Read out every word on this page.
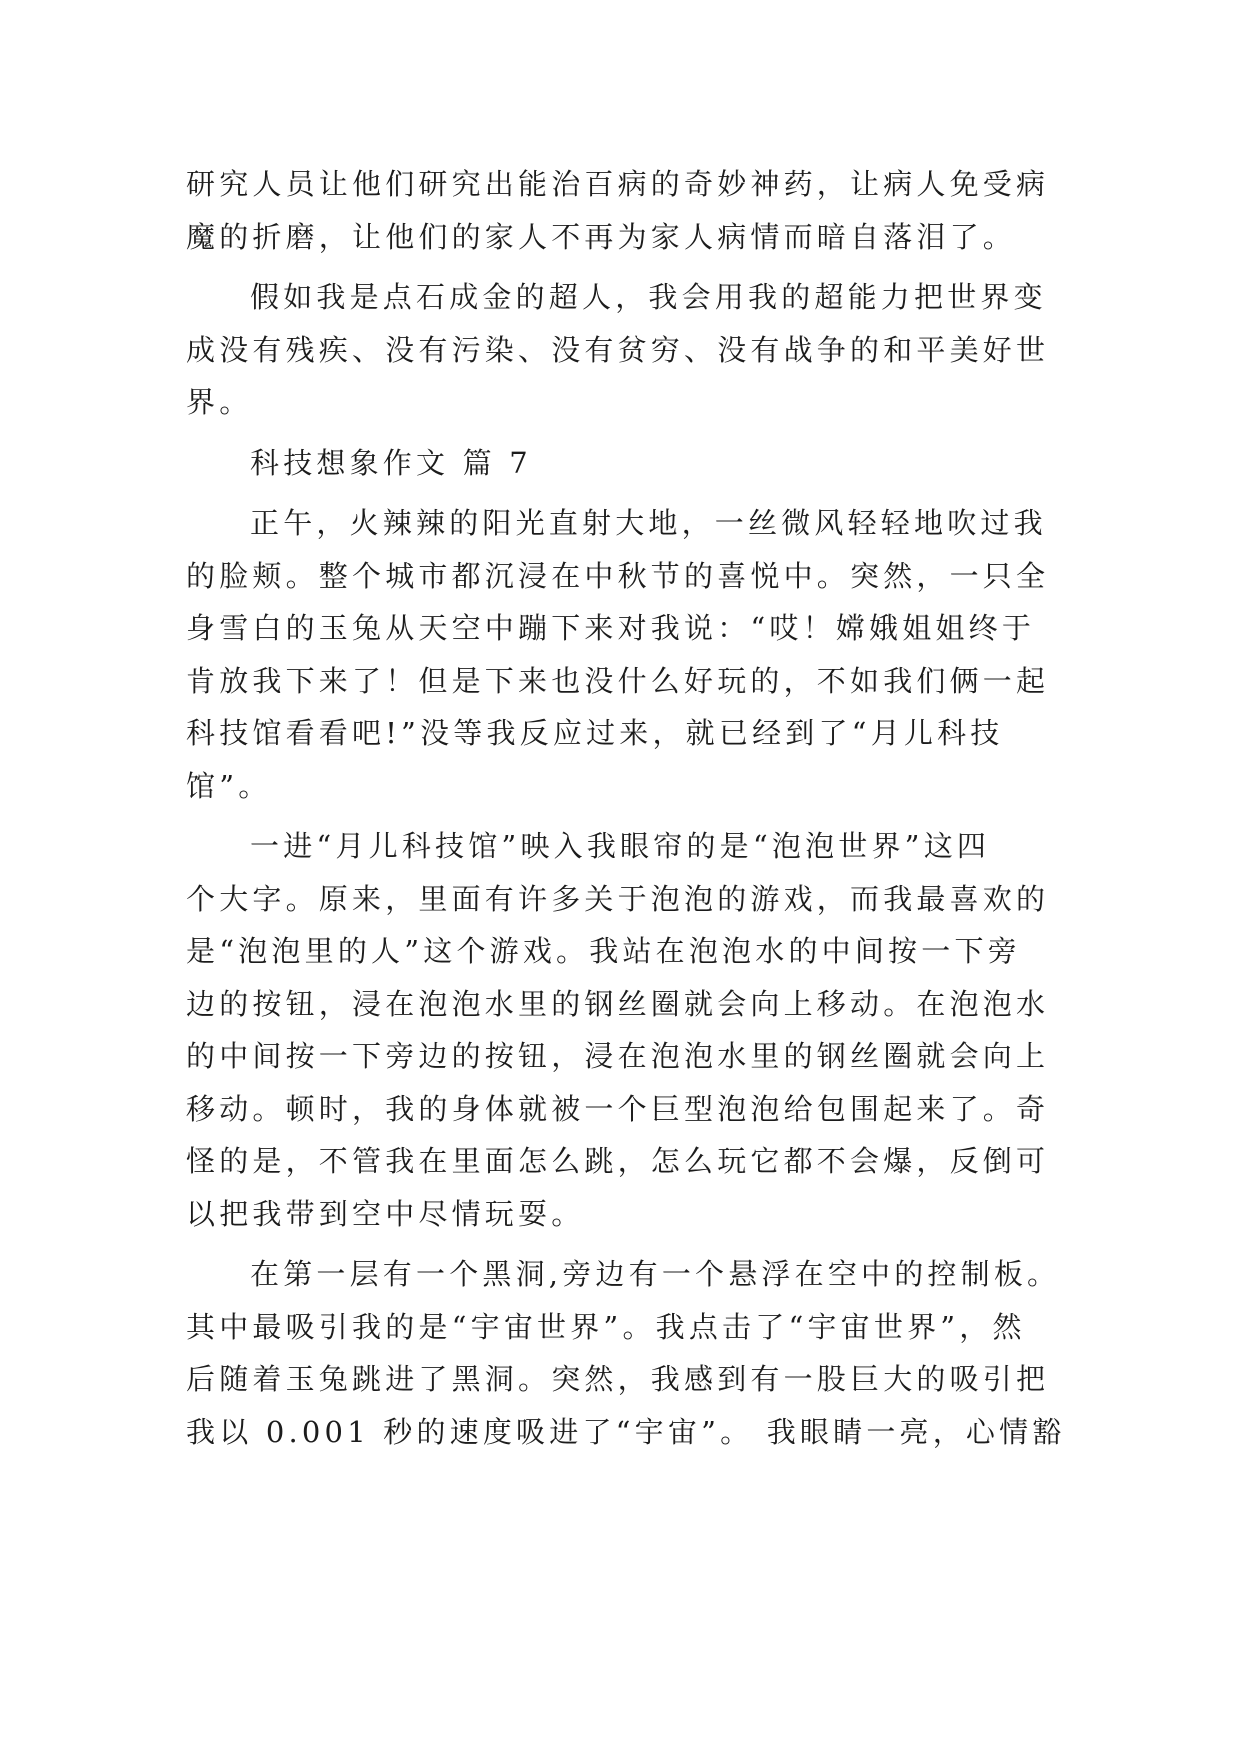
研究人员让他们研究出能治百病的奇妙神药，让病人免受病
魔的折磨，让他们的家人不再为家人病情而暗自落泪了。
假如我是点石成金的超人，我会用我的超能力把世界变
成没有残疾、没有污染、没有贫穷、没有战争的和平美好世
界。
科技想象作文 篇 7
正午，火辣辣的阳光直射大地，一丝微风轻轻地吹过我
的脸颊。整个城市都沉浸在中秋节的喜悦中。突然，一只全
身雪白的玉兔从天空中蹦下来对我说：“哎！嫦娥姐姐终于
肯放我下来了！但是下来也没什么好玩的，不如我们俩一起
科技馆看看吧!”没等我反应过来，就已经到了“月儿科技
馆”。
一进“月儿科技馆”映入我眼帘的是“泡泡世界”这四
个大字。原来，里面有许多关于泡泡的游戏，而我最喜欢的
是“泡泡里的人”这个游戏。我站在泡泡水的中间按一下旁
边的按钮，浸在泡泡水里的钢丝圈就会向上移动。在泡泡水
的中间按一下旁边的按钮，浸在泡泡水里的钢丝圈就会向上
移动。顿时，我的身体就被一个巨型泡泡给包围起来了。奇
怪的是，不管我在里面怎么跳，怎么玩它都不会爆，反倒可
以把我带到空中尽情玩耍。
在第一层有一个黑洞,旁边有一个悬浮在空中的控制板。
其中最吸引我的是“宇宙世界”。我点击了“宇宙世界”，然
后随着玉兔跳进了黑洞。突然，我感到有一股巨大的吸引把
我以 0.001 秒的速度吸进了“宇宙”。 我眼睛一亮，心情豁
